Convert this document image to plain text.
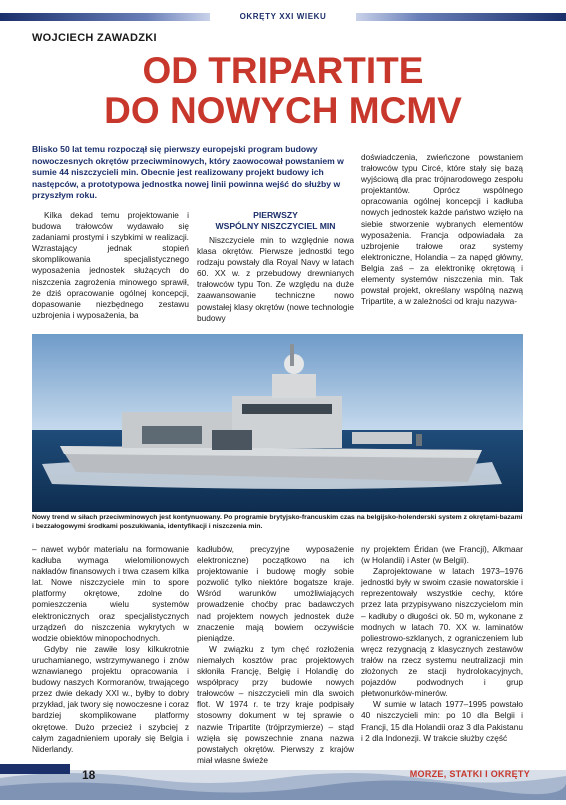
OKRĘTY XXI WIEKU
WOJCIECH ZAWADZKI
OD TRIPARTITE
DO NOWYCH MCMV
Blisko 50 lat temu rozpoczął się pierwszy europejski program budowy nowoczesnych okrętów przeciwminowych, który zaowocował powstaniem w sumie 44 niszczycieli min. Obecnie jest realizowany projekt budowy ich następców, a prototypowa jednostka nowej linii powinna wejść do służby w przyszłym roku.

Kilka dekad temu projektowanie i budowa trałowców wydawało się zadaniami prostymi i szybkimi w realizacji. Wzrastający jednak stopień skomplikowania specjalistycznego wyposażenia jednostek służących do niszczenia zagrożenia minowego sprawił, że dziś opracowanie ogólnej koncepcji, dopasowanie niezbędnego zestawu uzbrojenia i wyposażenia, ba

PIERWSZY
WSPÓLNY NISZCZYCIEL MIN

Niszczyciele min to względnie nowa klasa okrętów. Pierwsze jednostki tego rodzaju powstały dla Royal Navy w latach 60. XX w. z przebudowy drewnianych trałowców typu Ton. Ze względu na duże zaawansowanie techniczne nowo powstałej klasy okrętów (nowe technologie budowy

doświadczenia, zwieńczone powstaniem trałowców typu Circé, które stały się bazą wyjściową dla prac trójnarodowego zespołu projektantów. Oprócz wspólnego opracowania ogólnej koncepcji i kadłuba nowych jednostek każde państwo wzięło na siebie stworzenie wybranych elementów wyposażenia. Francja odpowiadała za uzbrojenie trałowe oraz systemy elektroniczne, Holandia – za napęd główny, Belgia zaś – za elektronikę okrętową i elementy systemów niszczenia min. Tak powstał projekt, określany wspólną nazwą Tripartite, a w zależności od kraju nazywa-

Nowy trend w siłach przeciwminowych jest kontynuowany. Po programie brytyjsko-francuskim czas na belgijsko-holenderski system z okrętami-bazami i bezzałogowymi środkami poszukiwania, identyfikacji i niszczenia min.

– nawet wybór materiału na formowanie kadłuba wymaga wielomilionowych nakładów finansowych i trwa czasem kilka lat. Nowe niszczyciele min to spore platformy okrętowe, zdolne do pomieszczenia wielu systemów elektronicznych oraz specjalistycznych urządzeń do niszczenia wykrytych w wodzie obiektów minopochodnych.

Gdyby nie zawiłe losy kilkukrotnie uruchamianego, wstrzymywanego i znów wznawianego projektu opracowania i budowy naszych Kormoranów, trwającego przez dwie dekady XXI w., byłby to dobry przykład, jak twory się nowoczesne i coraz bardziej skomplikowane platformy okrętowe. Dużo przecież i szybciej z całym zagadnieniem uporały się Belgia i Niderlandy.

kadłubów, precyzyjne wyposażenie elektroniczne) początkowo na ich projektowanie i budowę mogły sobie pozwolić tylko niektóre bogatsze kraje. Wśród warunków umożliwiających prowadzenie choćby prac badawczych nad projektem nowych jednostek duże znaczenie mają bowiem oczywiście pieniądze.

W związku z tym chęć rozłożenia niemałych kosztów prac projektowych skłoniła Francję, Belgię i Holandię do współpracy przy budowie nowych trałowców – niszczycieli min dla swoich flot. W 1974 r. te trzy kraje podpisały stosowny dokument w tej sprawie o nazwie Tripartite (trójprzymierze) – stąd wzięła się powszechnie znana nazwa powstałych okrętów. Pierwszy z krajów miał własne świeże

ny projektem Éridan (we Francji), Alkmaar (w Holandii) i Aster (w Belgii).

Zaprojektowane w latach 1973–1976 jednostki były w swoim czasie nowatorskie i reprezentowały wszystkie cechy, które przez lata przypisywano niszczycielom min – kadłuby o długości ok. 50 m, wykonane z modnych w latach 70. XX w. laminatów poliestrowo-szklanych, z ograniczeniem lub wręcz rezygnacją z klasycznych zestawów trałów na rzecz systemu neutralizacji min złożonych ze stacji hydrolokacyjnych, pojazdów podwodnych i grup płetwonurków-minerów.

W sumie w latach 1977–1995 powstało 40 niszczycieli min: po 10 dla Belgii i Francji, 15 dla Holandii oraz 3 dla Pakistanu i 2 dla Indonezji. W trakcie służby część

18	MORZE, STATKI I OKRĘTY
